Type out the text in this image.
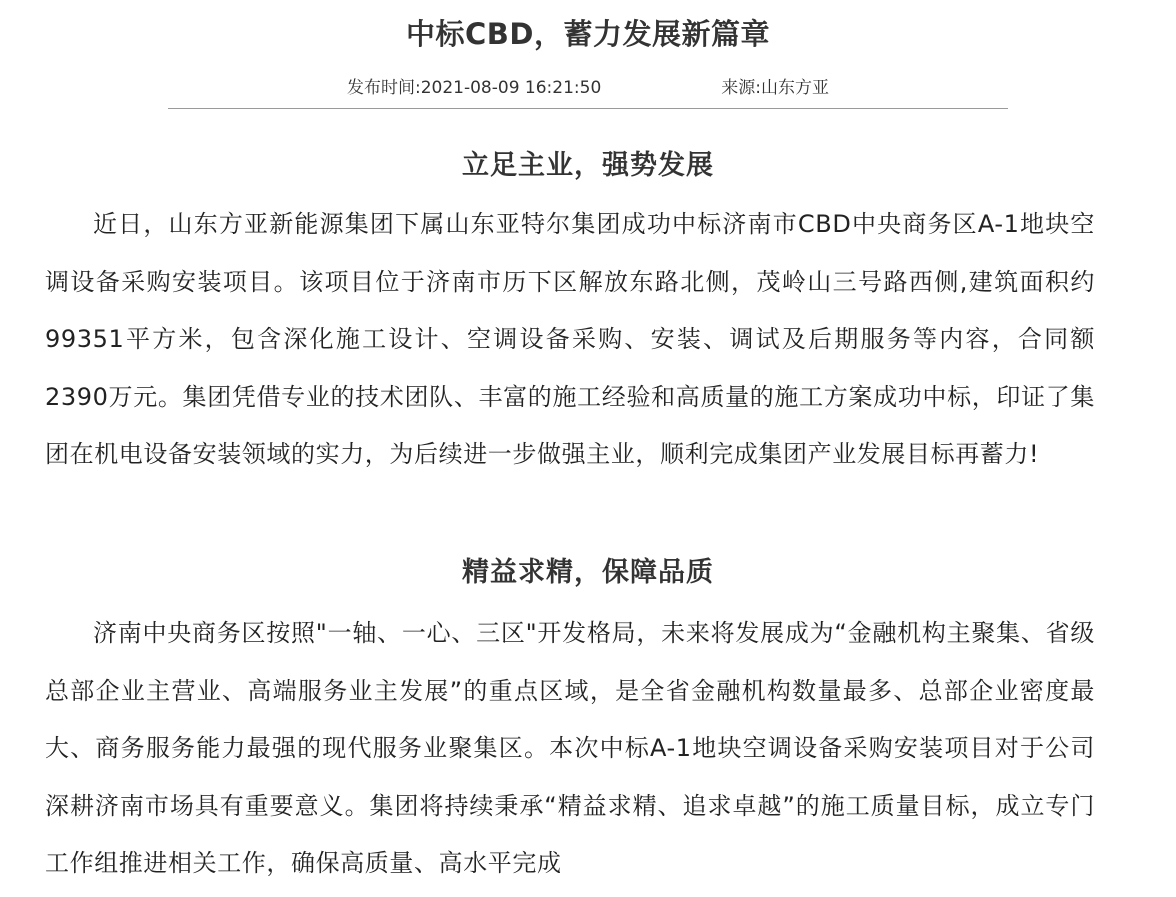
中标CBD，蓄力发展新篇章
发布时间:2021-08-09 16:21:50	来源:山东方亚
立足主业，强势发展

近日，山东方亚新能源集团下属山东亚特尔集团成功中标济南市CBD中央商务区A-1地块空调设备采购安装项目。该项目位于济南市历下区解放东路北侧，茂岭山三号路西侧,建筑面积约99351平方米，包含深化施工设计、空调设备采购、安装、调试及后期服务等内容，合同额2390万元。集团凭借专业的技术团队、丰富的施工经验和高质量的施工方案成功中标，印证了集团在机电设备安装领域的实力，为后续进一步做强主业，顺利完成集团产业发展目标再蓄力!

精益求精，保障品质

济南中央商务区按照"一轴、一心、三区"开发格局，未来将发展成为“金融机构主聚集、省级总部企业主营业、高端服务业主发展”的重点区域，是全省金融机构数量最多、总部企业密度最大、商务服务能力最强的现代服务业聚集区。本次中标A-1地块空调设备采购安装项目对于公司深耕济南市场具有重要意义。集团将持续秉承“精益求精、追求卓越”的施工质量目标，成立专门工作组推进相关工作，确保高质量、高水平完成
